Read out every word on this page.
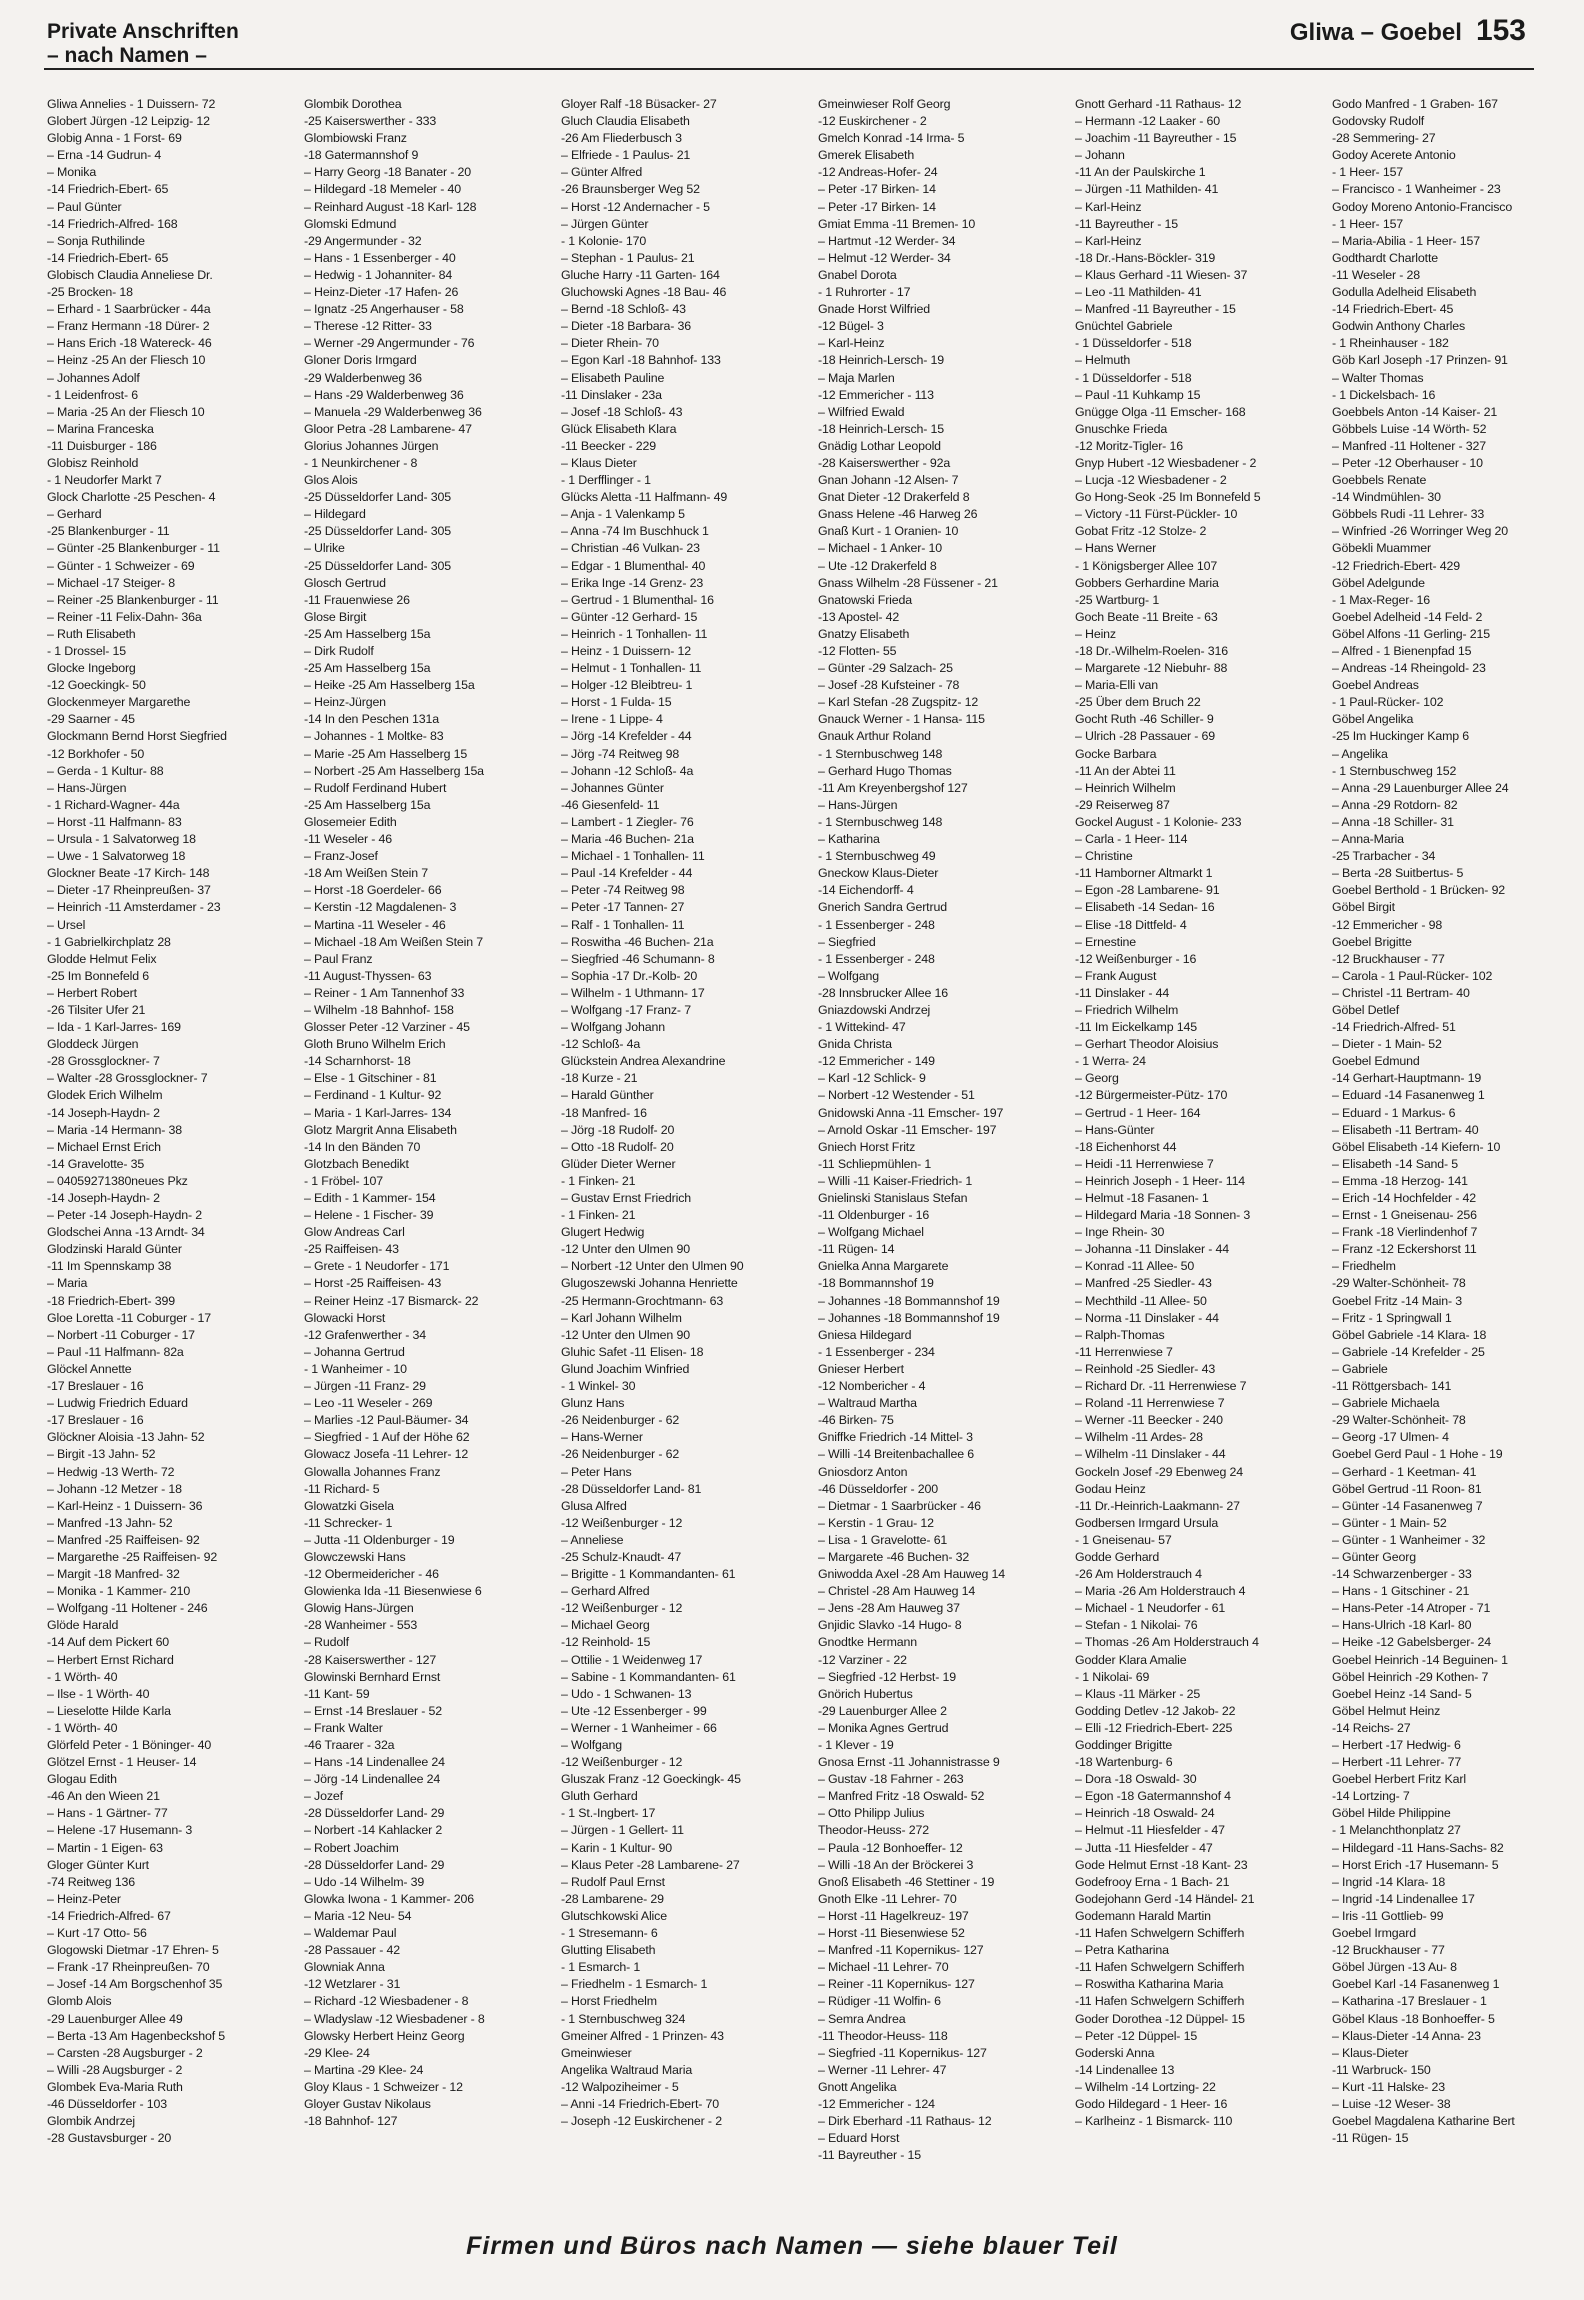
Private Anschriften
– nach Namen –
Gliwa – Goebel 153
Gliwa Annelies - 1 Duissern- 72
Globert Jürgen -12 Leipzig- 12
Globig Anna - 1 Forst- 69
– Erna -14 Gudrun- 4
– Monika
-14 Friedrich-Ebert- 65
– Paul Günter
-14 Friedrich-Alfred- 168
– Sonja Ruthilinde
-14 Friedrich-Ebert- 65
Globisch Claudia Anneliese Dr.
-25 Brocken- 18
– Erhard - 1 Saarbrücker - 44a
– Franz Hermann -18 Dürer- 2
– Hans Erich -18 Watereck- 46
– Heinz -25 An der Fliesch 10
– Johannes Adolf
- 1 Leidenfrost- 6
– Maria -25 An der Fliesch 10
– Marina Franceska
-11 Duisburger - 186
Globisz Reinhold
- 1 Neudorfer Markt 7
Glock Charlotte -25 Peschen- 4
– Gerhard
-25 Blankenburger - 11
– Günter -25 Blankenburger - 11
– Günter - 1 Schweizer - 69
– Michael -17 Steiger- 8
– Reiner -25 Blankenburger - 11
– Reiner -11 Felix-Dahn- 36a
– Ruth Elisabeth
- 1 Drossel- 15
Glocke Ingeborg
-12 Goeckingk- 50
Glockenmeyer Margarethe
-29 Saarner - 45
Glockmann Bernd Horst Siegfried
-12 Borkhofer - 50
– Gerda - 1 Kultur- 88
– Hans-Jürgen
- 1 Richard-Wagner- 44a
– Horst -11 Halfmann- 83
– Ursula - 1 Salvatorweg 18
– Uwe - 1 Salvatorweg 18
Glockner Beate -17 Kirch- 148
– Dieter -17 Rheinpreußen- 37
– Heinrich -11 Amsterdamer - 23
– Ursel
- 1 Gabrielkirchplatz 28
Glodde Helmut Felix
-25 Im Bonnefeld 6
– Herbert Robert
-26 Tilsiter Ufer 21
– Ida - 1 Karl-Jarres- 169
Gloddeck Jürgen
-28 Grossglockner- 7
– Walter -28 Grossglockner- 7
Glodek Erich Wilhelm
-14 Joseph-Haydn- 2
– Maria -14 Hermann- 38
– Michael Ernst Erich
-14 Gravelotte- 35
– 04059271380neues Pkz
-14 Joseph-Haydn- 2
– Peter -14 Joseph-Haydn- 2
Glodschei Anna -13 Arndt- 34
Glodzinski Harald Günter
-11 Im Spennskamp 38
– Maria
-18 Friedrich-Ebert- 399
Gloe Loretta -11 Coburger - 17
– Norbert -11 Coburger - 17
– Paul -11 Halfmann- 82a
Glöckel Annette
-17 Breslauer - 16
– Ludwig Friedrich Eduard
-17 Breslauer - 16
Glöckner Aloisia -13 Jahn- 52
– Birgit -13 Jahn- 52
– Hedwig -13 Werth- 72
– Johann -12 Metzer - 18
– Karl-Heinz - 1 Duissern- 36
– Manfred -13 Jahn- 52
– Manfred -25 Raiffeisen- 92
– Margarethe -25 Raiffeisen- 92
– Margit -18 Manfred- 32
– Monika - 1 Kammer- 210
– Wolfgang -11 Holtener - 246
Glöde Harald
-14 Auf dem Pickert 60
– Herbert Ernst Richard
- 1 Wörth- 40
– Ilse - 1 Wörth- 40
– Lieselotte Hilde Karla
- 1 Wörth- 40
Glörfeld Peter - 1 Böninger- 40
Glötzel Ernst - 1 Heuser- 14
Glogau Edith
-46 An den Wieen 21
– Hans - 1 Gärtner- 77
– Helene -17 Husemann- 3
– Martin - 1 Eigen- 63
Gloger Günter Kurt
-74 Reitweg 136
– Heinz-Peter
-14 Friedrich-Alfred- 67
– Kurt -17 Otto- 56
Glogowski Dietmar -17 Ehren- 5
– Frank -17 Rheinpreußen- 70
– Josef -14 Am Borgschenhof 35
Glomb Alois
-29 Lauenburger Allee 49
– Berta -13 Am Hagenbeckshof 5
– Carsten -28 Augsburger - 2
– Willi -28 Augsburger - 2
Glombek Eva-Maria Ruth
-46 Düsseldorfer - 103
Glombik Andrzej
-28 Gustavsburger - 20
Glombik Dorothea
-25 Kaiserswerther - 333
Glombiowski Franz
-18 Gatermannshof 9
– Harry Georg -18 Banater - 20
– Hildegard -18 Memeler - 40
– Reinhard August -18 Karl- 128
Glomski Edmund
-29 Angermunder - 32
– Hans - 1 Essenberger - 40
– Hedwig - 1 Johanniter- 84
– Heinz-Dieter -17 Hafen- 26
– Ignatz -25 Angerhauser - 58
– Therese -12 Ritter- 33
– Werner -29 Angermunder - 76
Gloner Doris Irmgard
-29 Walderbenweg 36
– Hans -29 Walderbenweg 36
– Manuela -29 Walderbenweg 36
Gloor Petra -28 Lambarene- 47
Glorius Johannes Jürgen
- 1 Neunkirchener - 8
Glos Alois
-25 Düsseldorfer Land- 305
– Hildegard
-25 Düsseldorfer Land- 305
– Ulrike
-25 Düsseldorfer Land- 305
Glosch Gertrud
-11 Frauenwiese 26
Glose Birgit
-25 Am Hasselberg 15a
– Dirk Rudolf
-25 Am Hasselberg 15a
– Heike -25 Am Hasselberg 15a
– Heinz-Jürgen
-14 In den Peschen 131a
– Johannes - 1 Moltke- 83
– Marie -25 Am Hasselberg 15
– Norbert -25 Am Hasselberg 15a
– Rudolf Ferdinand Hubert
-25 Am Hasselberg 15a
Glosemeier Edith
-11 Weseler - 46
– Franz-Josef
-18 Am Weißen Stein 7
– Horst -18 Goerdeler- 66
– Kerstin -12 Magdalenen- 3
– Martina -11 Weseler - 46
– Michael -18 Am Weißen Stein 7
– Paul Franz
-11 August-Thyssen- 63
– Reiner - 1 Am Tannenhof 33
– Wilhelm -18 Bahnhof- 158
Glosser Peter -12 Varziner - 45
Gloth Bruno Wilhelm Erich
-14 Scharnhorst- 18
– Else - 1 Gitschiner - 81
– Ferdinand - 1 Kultur- 92
– Maria - 1 Karl-Jarres- 134
Glotz Margrit Anna Elisabeth
-14 In den Bänden 70
Glotzbach Benedikt
- 1 Fröbel- 107
– Edith - 1 Kammer- 154
– Helene - 1 Fischer- 39
Glow Andreas Carl
-25 Raiffeisen- 43
– Grete - 1 Neudorfer - 171
– Horst -25 Raiffeisen- 43
– Reiner Heinz -17 Bismarck- 22
Glowacki Horst
-12 Grafenwerther - 34
– Johanna Gertrud
- 1 Wanheimer - 10
– Jürgen -11 Franz- 29
– Leo -11 Weseler - 269
– Marlies -12 Paul-Bäumer- 34
– Siegfried - 1 Auf der Höhe 62
Glowacz Josefa -11 Lehrer- 12
Glowalla Johannes Franz
-11 Richard- 5
Glowatzki Gisela
-11 Schrecker- 1
– Jutta -11 Oldenburger - 19
Glowczewski Hans
-12 Obermeidericher - 46
Glowienka Ida -11 Biesenwiese 6
Glowig Hans-Jürgen
-28 Wanheimer - 553
– Rudolf
-28 Kaiserswerther - 127
Glowinski Bernhard Ernst
-11 Kant- 59
– Ernst -14 Breslauer - 52
– Frank Walter
-46 Traarer - 32a
– Hans -14 Lindenallee 24
– Jörg -14 Lindenallee 24
– Jozef
-28 Düsseldorfer Land- 29
– Norbert -14 Kahlacker 2
– Robert Joachim
-28 Düsseldorfer Land- 29
– Udo -14 Wilhelm- 39
Glowka Iwona - 1 Kammer- 206
– Maria -12 Neu- 54
– Waldemar Paul
-28 Passauer - 42
Glowniak Anna
-12 Wetzlarer - 31
– Richard -12 Wiesbadener - 8
– Wladyslaw -12 Wiesbadener - 8
Glowsky Herbert Heinz Georg
-29 Klee- 24
– Martina -29 Klee- 24
Gloy Klaus - 1 Schweizer - 12
Gloyer Gustav Nikolaus
-18 Bahnhof- 127
Gloyer Ralf -18 Büsacker- 27
Gluch Claudia Elisabeth
-26 Am Fliederbusch 3
– Elfriede - 1 Paulus- 21
– Günter Alfred
-26 Braunsberger Weg 52
– Horst -12 Andernacher - 5
– Jürgen Günter
- 1 Kolonie- 170
– Stephan - 1 Paulus- 21
Gluche Harry -11 Garten- 164
Gluchowski Agnes -18 Bau- 46
– Bernd -18 Schloß- 43
– Dieter -18 Barbara- 36
– Dieter Rhein- 70
– Egon Karl -18 Bahnhof- 133
– Elisabeth Pauline
-11 Dinslaker - 23a
– Josef -18 Schloß- 43
Glück Elisabeth Klara
-11 Beecker - 229
– Klaus Dieter
- 1 Derfflinger - 1
Glücks Aletta -11 Halfmann- 49
– Anja - 1 Valenkamp 5
– Anna -74 Im Buschhuck 1
– Christian -46 Vulkan- 23
– Edgar - 1 Blumenthal- 40
– Erika Inge -14 Grenz- 23
– Gertrud - 1 Blumenthal- 16
– Günter -12 Gerhard- 15
– Heinrich - 1 Tonhallen- 11
– Heinz - 1 Duissern- 12
– Helmut - 1 Tonhallen- 11
– Holger -12 Bleibtreu- 1
– Horst - 1 Fulda- 15
– Irene - 1 Lippe- 4
– Jörg -14 Krefelder - 44
– Jörg -74 Reitweg 98
– Johann -12 Schloß- 4a
– Johannes Günter
-46 Giesenfeld- 11
– Lambert - 1 Ziegler- 76
– Maria -46 Buchen- 21a
– Michael - 1 Tonhallen- 11
– Paul -14 Krefelder - 44
– Peter -74 Reitweg 98
– Peter -17 Tannen- 27
– Ralf - 1 Tonhallen- 11
– Roswitha -46 Buchen- 21a
– Siegfried -46 Schumann- 8
– Sophia -17 Dr.-Kolb- 20
– Wilhelm - 1 Uthmann- 17
– Wolfgang -17 Franz- 7
– Wolfgang Johann
-12 Schloß- 4a
Glückstein Andrea Alexandrine
-18 Kurze - 21
– Harald Günther
-18 Manfred- 16
– Jörg -18 Rudolf- 20
– Otto -18 Rudolf- 20
Glüder Dieter Werner
- 1 Finken- 21
– Gustav Ernst Friedrich
- 1 Finken- 21
Glugert Hedwig
-12 Unter den Ulmen 90
– Norbert -12 Unter den Ulmen 90
Glugoszewski Johanna Henriette
-25 Hermann-Grochtmann- 63
– Karl Johann Wilhelm
-12 Unter den Ulmen 90
Gluhic Safet -11 Elisen- 18
Glund Joachim Winfried
- 1 Winkel- 30
Glunz Hans
-26 Neidenburger - 62
– Hans-Werner
-26 Neidenburger - 62
– Peter Hans
-28 Düsseldorfer Land- 81
Glusa Alfred
-12 Weißenburger - 12
– Anneliese
-25 Schulz-Knaudt- 47
– Brigitte - 1 Kommandanten- 61
– Gerhard Alfred
-12 Weißenburger - 12
– Michael Georg
-12 Reinhold- 15
– Ottilie - 1 Weidenweg 17
– Sabine - 1 Kommandanten- 61
– Udo - 1 Schwanen- 13
– Ute -12 Essenberger - 99
– Werner - 1 Wanheimer - 66
– Wolfgang
-12 Weißenburger - 12
Gluszak Franz -12 Goeckingk- 45
Gluth Gerhard
- 1 St.-Ingbert- 17
– Jürgen - 1 Gellert- 11
– Karin - 1 Kultur- 90
– Klaus Peter -28 Lambarene- 27
– Rudolf Paul Ernst
-28 Lambarene- 29
Glutschkowski Alice
- 1 Stresemann- 6
Glutting Elisabeth
- 1 Esmarch- 1
– Friedhelm - 1 Esmarch- 1
– Horst Friedhelm
- 1 Sternbuschweg 324
Gmeiner Alfred - 1 Prinzen- 43
Gmeinwieser
Angelika Waltraud Maria
-12 Walpoziheimer - 5
– Anni -14 Friedrich-Ebert- 70
– Joseph -12 Euskirchener - 2
Gmeinwieser Rolf Georg
-12 Euskirchener - 2
Gmelch Konrad -14 Irma- 5
Gmerek Elisabeth
-12 Andreas-Hofer- 24
– Peter -17 Birken- 14
– Peter -17 Birken- 14
Gmiat Emma -11 Bremen- 10
– Hartmut -12 Werder- 34
– Helmut -12 Werder- 34
Gnabel Dorota
- 1 Ruhrorter - 17
Gnade Horst Wilfried
-12 Bügel- 3
– Karl-Heinz
-18 Heinrich-Lersch- 19
– Maja Marlen
-12 Emmericher - 113
– Wilfried Ewald
-18 Heinrich-Lersch- 15
Gnädig Lothar Leopold
-28 Kaiserswerther - 92a
Gnan Johann -12 Alsen- 7
Gnat Dieter -12 Drakerfeld 8
Gnass Helene -46 Harweg 26
Gnaß Kurt - 1 Oranien- 10
– Michael - 1 Anker- 10
– Ute -12 Drakerfeld 8
Gnass Wilhelm -28 Füssener - 21
Gnatowski Frieda
-13 Apostel- 42
Gnatzy Elisabeth
-12 Flotten- 55
– Günter -29 Salzach- 25
– Josef -28 Kufsteiner - 78
– Karl Stefan -28 Zugspitz- 12
Gnauck Werner - 1 Hansa- 115
Gnauk Arthur Roland
- 1 Sternbuschweg 148
– Gerhard Hugo Thomas
-11 Am Kreyenbergshof 127
– Hans-Jürgen
- 1 Sternbuschweg 148
– Katharina
- 1 Sternbuschweg 49
Gneckow Klaus-Dieter
-14 Eichendorff- 4
Gnerich Sandra Gertrud
- 1 Essenberger - 248
– Siegfried
- 1 Essenberger - 248
– Wolfgang
-28 Innsbrucker Allee 16
Gniazdowski Andrzej
- 1 Wittekind- 47
Gnida Christa
-12 Emmericher - 149
– Karl -12 Schlick- 9
– Norbert -12 Westender - 51
Gnidowski Anna -11 Emscher- 197
– Arnold Oskar -11 Emscher- 197
Gniech Horst Fritz
-11 Schliepmühlen- 1
– Willi -11 Kaiser-Friedrich- 1
Gnielinski Stanislaus Stefan
-11 Oldenburger - 16
– Wolfgang Michael
-11 Rügen- 14
Gnielka Anna Margarete
-18 Bommannshof 19
– Johannes -18 Bommannshof 19
– Johannes -18 Bommannshof 19
Gniesa Hildegard
- 1 Essenberger - 234
Gnieser Herbert
-12 Nombericher - 4
– Waltraud Martha
-46 Birken- 75
Gniffke Friedrich -14 Mittel- 3
– Willi -14 Breitenbachallee 6
Gniosdorz Anton
-46 Düsseldorfer - 200
– Dietmar - 1 Saarbrücker - 46
– Kerstin - 1 Grau- 12
– Lisa - 1 Gravelotte- 61
– Margarete -46 Buchen- 32
Gniwodda Axel -28 Am Hauweg 14
– Christel -28 Am Hauweg 14
– Jens -28 Am Hauweg 37
Gnjidic Slavko -14 Hugo- 8
Gnodtke Hermann
-12 Varziner - 22
– Siegfried -12 Herbst- 19
Gnörich Hubertus
-29 Lauenburger Allee 2
– Monika Agnes Gertrud
- 1 Klever - 19
Gnosa Ernst -11 Johannistrasse 9
– Gustav -18 Fahrner - 263
– Manfred Fritz -18 Oswald- 52
– Otto Philipp Julius
Theodor-Heuss- 272
– Paula -12 Bonhoeffer- 12
– Willi -18 An der Bröckerei 3
Gnoß Elisabeth -46 Stettiner - 19
Gnoth Elke -11 Lehrer- 70
– Horst -11 Hagelkreuz- 197
– Horst -11 Biesenwiese 52
– Manfred -11 Kopernikus- 127
– Michael -11 Lehrer- 70
– Reiner -11 Kopernikus- 127
– Rüdiger -11 Wolfin- 6
– Semra Andrea
-11 Theodor-Heuss- 118
– Siegfried -11 Kopernikus- 127
– Werner -11 Lehrer- 47
Gnott Angelika
-12 Emmericher - 124
– Dirk Eberhard -11 Rathaus- 12
– Eduard Horst
-11 Bayreuther - 15
Gnott Gerhard -11 Rathaus- 12
– Hermann -12 Laaker - 60
– Joachim -11 Bayreuther - 15
– Johann
-11 An der Paulskirche 1
– Jürgen -11 Mathilden- 41
– Karl-Heinz
-11 Bayreuther - 15
– Karl-Heinz
-18 Dr.-Hans-Böckler- 319
– Klaus Gerhard -11 Wiesen- 37
– Leo -11 Mathilden- 41
– Manfred -11 Bayreuther - 15
Gnüchtel Gabriele
- 1 Düsseldorfer - 518
– Helmuth
- 1 Düsseldorfer - 518
– Paul -11 Kuhkamp 15
Gnügge Olga -11 Emscher- 168
Gnuschke Frieda
-12 Moritz-Tigler- 16
Gnyp Hubert -12 Wiesbadener - 2
– Lucja -12 Wiesbadener - 2
Go Hong-Seok -25 Im Bonnefeld 5
– Victory -11 Fürst-Pückler- 10
Gobat Fritz -12 Stolze- 2
– Hans Werner
- 1 Königsberger Allee 107
Gobbers Gerhardine Maria
-25 Wartburg- 1
Goch Beate -11 Breite - 63
– Heinz
-18 Dr.-Wilhelm-Roelen- 316
– Margarete -12 Niebuhr- 88
– Maria-Elli van
-25 Über dem Bruch 22
Gocht Ruth -46 Schiller- 9
– Ulrich -28 Passauer - 69
Gocke Barbara
-11 An der Abtei 11
– Heinrich Wilhelm
-29 Reiserweg 87
Gockel August - 1 Kolonie- 233
– Carla - 1 Heer- 114
– Christine
-11 Hamborner Altmarkt 1
– Egon -28 Lambarene- 91
– Elisabeth -14 Sedan- 16
– Elise -18 Dittfeld- 4
– Ernestine
-12 Weißenburger - 16
– Frank August
-11 Dinslaker - 44
– Friedrich Wilhelm
-11 Im Eickelkamp 145
– Gerhart Theodor Aloisius
- 1 Werra- 24
– Georg
-12 Bürgermeister-Pütz- 170
– Gertrud - 1 Heer- 164
– Hans-Günter
-18 Eichenhorst 44
– Heidi -11 Herrenwiese 7
– Heinrich Joseph - 1 Heer- 114
– Helmut -18 Fasanen- 1
– Hildegard Maria -18 Sonnen- 3
– Inge Rhein- 30
– Johanna -11 Dinslaker - 44
– Konrad -11 Allee- 50
– Manfred -25 Siedler- 43
– Mechthild -11 Allee- 50
– Norma -11 Dinslaker - 44
– Ralph-Thomas
-11 Herrenwiese 7
– Reinhold -25 Siedler- 43
– Richard Dr. -11 Herrenwiese 7
– Roland -11 Herrenwiese 7
– Werner -11 Beecker - 240
– Wilhelm -11 Ardes- 28
– Wilhelm -11 Dinslaker - 44
Gockeln Josef -29 Ebenweg 24
Godau Heinz
-11 Dr.-Heinrich-Laakmann- 27
Godbersen Irmgard Ursula
- 1 Gneisenau- 57
Godde Gerhard
-26 Am Holderstrauch 4
– Maria -26 Am Holderstrauch 4
– Michael - 1 Neudorfer - 61
– Stefan - 1 Nikolai- 76
– Thomas -26 Am Holderstrauch 4
Godder Klara Amalie
- 1 Nikolai- 69
– Klaus -11 Märker - 25
Godding Detlev -12 Jakob- 22
– Elli -12 Friedrich-Ebert- 225
Goddinger Brigitte
-18 Wartenburg- 6
– Dora -18 Oswald- 30
– Egon -18 Gatermannshof 4
– Heinrich -18 Oswald- 24
– Helmut -11 Hiesfelder - 47
– Jutta -11 Hiesfelder - 47
Gode Helmut Ernst -18 Kant- 23
Godefrooy Erna - 1 Bach- 21
Godejohann Gerd -14 Händel- 21
Godemann Harald Martin
-11 Hafen Schwelgern Schifferh
– Petra Katharina
-11 Hafen Schwelgern Schifferh
– Roswitha Katharina Maria
-11 Hafen Schwelgern Schifferh
Goder Dorothea -12 Düppel- 15
– Peter -12 Düppel- 15
Goderski Anna
-14 Lindenallee 13
– Wilhelm -14 Lortzing- 22
Godo Hildegard - 1 Heer- 16
– Karlheinz - 1 Bismarck- 110
Godo Manfred - 1 Graben- 167
Godovsky Rudolf
-28 Semmering- 27
Godoy Acerete Antonio
- 1 Heer- 157
– Francisco - 1 Wanheimer - 23
Godoy Moreno Antonio-Francisco
- 1 Heer- 157
– Maria-Abilia - 1 Heer- 157
Godthardt Charlotte
-11 Weseler - 28
Godulla Adelheid Elisabeth
-14 Friedrich-Ebert- 45
Godwin Anthony Charles
- 1 Rheinhauser - 182
Göb Karl Joseph -17 Prinzen- 91
– Walter Thomas
- 1 Dickelsbach- 16
Goebbels Anton -14 Kaiser- 21
Göbbels Luise -14 Wörth- 52
– Manfred -11 Holtener - 327
– Peter -12 Oberhauser - 10
Goebbels Renate
-14 Windmühlen- 30
Göbbels Rudi -11 Lehrer- 33
– Winfried -26 Worringer Weg 20
Göbekli Muammer
-12 Friedrich-Ebert- 429
Göbel Adelgunde
- 1 Max-Reger- 16
Goebel Adelheid -14 Feld- 2
Göbel Alfons -11 Gerling- 215
– Alfred - 1 Bienenpfad 15
– Andreas -14 Rheingold- 23
Goebel Andreas
- 1 Paul-Rücker- 102
Göbel Angelika
-25 Im Huckinger Kamp 6
– Angelika
- 1 Sternbuschweg 152
– Anna -29 Lauenburger Allee 24
– Anna -29 Rotdorn- 82
– Anna -18 Schiller- 31
– Anna-Maria
-25 Trarbacher - 34
– Berta -28 Suitbertus- 5
Goebel Berthold - 1 Brücken- 92
Göbel Birgit
-12 Emmericher - 98
Goebel Brigitte
-12 Bruckhauser - 77
– Carola - 1 Paul-Rücker- 102
– Christel -11 Bertram- 40
Göbel Detlef
-14 Friedrich-Alfred- 51
– Dieter - 1 Main- 52
Goebel Edmund
-14 Gerhart-Hauptmann- 19
– Eduard -14 Fasanenweg 1
– Eduard - 1 Markus- 6
– Elisabeth -11 Bertram- 40
Göbel Elisabeth -14 Kiefern- 10
– Elisabeth -14 Sand- 5
– Emma -18 Herzog- 141
– Erich -14 Hochfelder - 42
– Ernst - 1 Gneisenau- 256
– Frank -18 Vierlindenhof 7
– Franz -12 Eckershorst 11
– Friedhelm
-29 Walter-Schönheit- 78
Goebel Fritz -14 Main- 3
– Fritz - 1 Springwall 1
Göbel Gabriele -14 Klara- 18
– Gabriele -14 Krefelder - 25
– Gabriele
-11 Röttgersbach- 141
– Gabriele Michaela
-29 Walter-Schönheit- 78
– Georg -17 Ulmen- 4
Goebel Gerd Paul - 1 Hohe - 19
– Gerhard - 1 Keetman- 41
Göbel Gertrud -11 Roon- 81
– Günter -14 Fasanenweg 7
– Günter - 1 Main- 52
– Günter - 1 Wanheimer - 32
– Günter Georg
-14 Schwarzenberger - 33
– Hans - 1 Gitschiner - 21
– Hans-Peter -14 Atroper - 71
– Hans-Ulrich -18 Karl- 80
– Heike -12 Gabelsberger- 24
Goebel Heinrich -14 Beguinen- 1
Göbel Heinrich -29 Kothen- 7
Goebel Heinz -14 Sand- 5
Göbel Helmut Heinz
-14 Reichs- 27
– Herbert -17 Hedwig- 6
– Herbert -11 Lehrer- 77
Goebel Herbert Fritz Karl
-14 Lortzing- 7
Göbel Hilde Philippine
- 1 Melanchthonplatz 27
– Hildegard -11 Hans-Sachs- 82
– Horst Erich -17 Husemann- 5
– Ingrid -14 Klara- 18
– Ingrid -14 Lindenallee 17
– Iris -11 Gottlieb- 99
Goebel Irmgard
-12 Bruckhauser - 77
Göbel Jürgen -13 Au- 8
Goebel Karl -14 Fasanenweg 1
– Katharina -17 Breslauer - 1
Göbel Klaus -18 Bonhoeffer- 5
– Klaus-Dieter -14 Anna- 23
– Klaus-Dieter
-11 Warbruck- 150
– Kurt -11 Halske- 23
– Luise -12 Weser- 38
Goebel Magdalena Katharine Bert
-11 Rügen- 15
Firmen und Büros nach Namen — siehe blauer Teil
